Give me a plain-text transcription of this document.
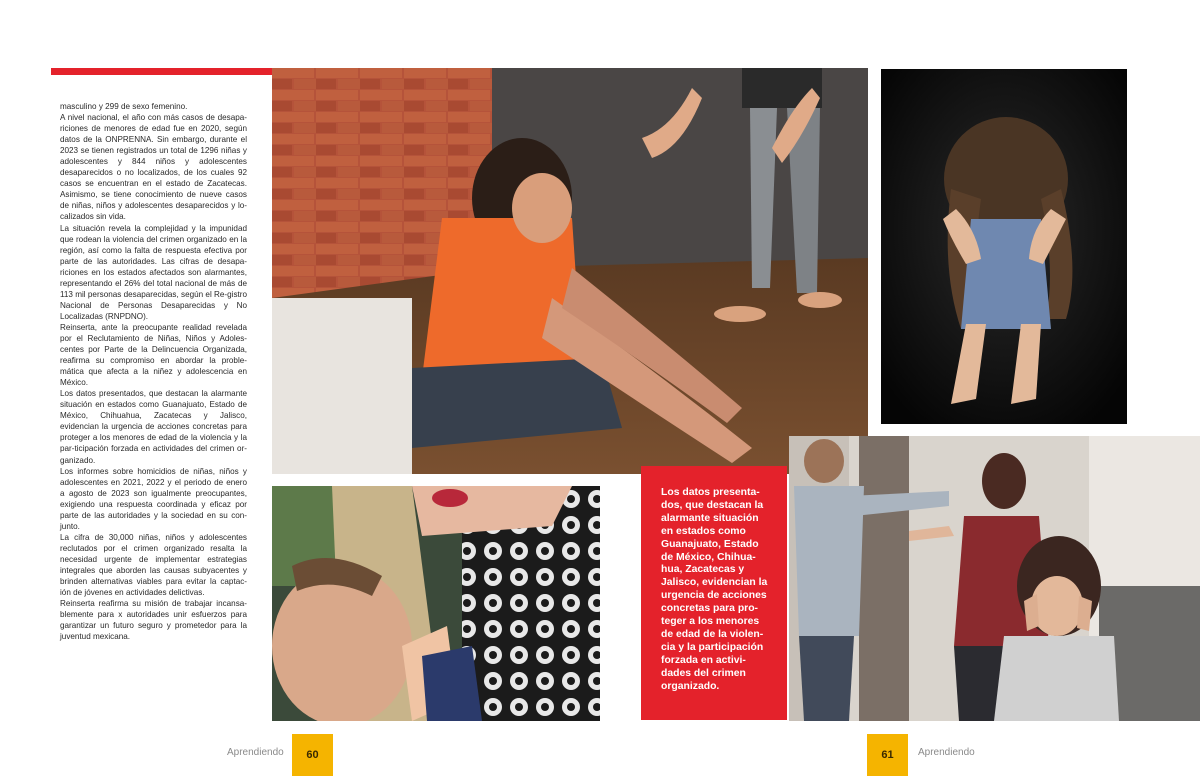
masculino y 299 de sexo femenino.

A nivel nacional, el año con más casos de desapa-riciones de menores de edad fue en 2020, según datos de la ONPRENNA. Sin embargo, durante el 2023 se tienen registrados un total de 1296 niñas y adolescentes y 844 niños y adolescentes desaparecidos o no localizados, de los cuales 92 casos se encuentran en el estado de Zacatecas. Asimismo, se tiene conocimiento de nueve casos de niñas, niños y adolescentes desaparecidos y lo-calizados sin vida.

La situación revela la complejidad y la impunidad que rodean la violencia del crimen organizado en la región, así como la falta de respuesta efectiva por parte de las autoridades. Las cifras de desapa-riciones en los estados afectados son alarmantes, representando el 26% del total nacional de más de 113 mil personas desaparecidas, según el Re-gistro Nacional de Personas Desaparecidas y No Localizadas (RNPDNO).

Reinserta, ante la preocupante realidad revelada por el Reclutamiento de Niñas, Niños y Adoles-centes por Parte de la Delincuencia Organizada, reafirma su compromiso en abordar la proble-mática que afecta a la niñez y adolescencia en México.

Los datos presentados, que destacan la alarmante situación en estados como Guanajuato, Estado de México, Chihuahua, Zacatecas y Jalisco, evidencian la urgencia de acciones concretas para proteger a los menores de edad de la violencia y la par-ticipación forzada en actividades del crimen or-ganizado.

Los informes sobre homicidios de niñas, niños y adolescentes en 2021, 2022 y el periodo de enero a agosto de 2023 son igualmente preocupantes, exigiendo una respuesta coordinada y eficaz por parte de las autoridades y la sociedad en su con-junto.

La cifra de 30,000 niñas, niños y adolescentes reclutados por el crimen organizado resalta la necesidad urgente de implementar estrategias integrales que aborden las causas subyacentes y brinden alternativas viables para evitar la captac-ión de jóvenes en actividades delictivas.

Reinserta reafirma su misión de trabajar incansa-blemente para x autoridades unir esfuerzos para garantizar un futuro seguro y prometedor para la juventud mexicana.

Los datos presenta-dos, que destacan la alarmante situación en estados como Guanajuato, Estado de México, Chihua-hua, Zacatecas y Jalisco, evidencian la urgencia de acciones concretas para pro-teger a los menores de edad de la violen-cia y la participación forzada en activi-dades del crimen organizado.
Aprendiendo	60	61	Aprendiendo
